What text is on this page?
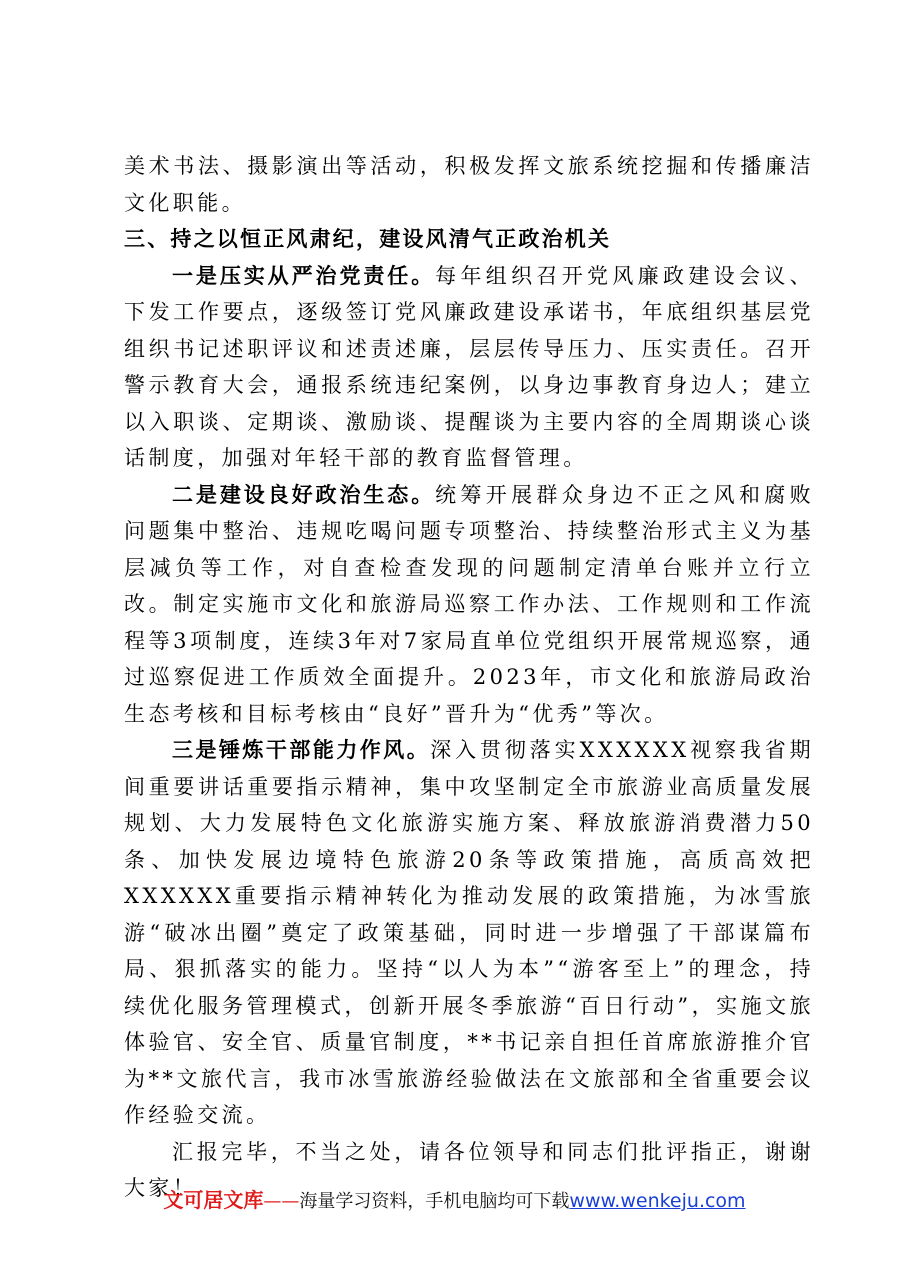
美术书法、摄影演出等活动，积极发挥文旅系统挖掘和传播廉洁文化职能。

三、持之以恒正风肃纪，建设风清气正政治机关

一是压实从严治党责任。每年组织召开党风廉政建设会议、下发工作要点，逐级签订党风廉政建设承诺书，年底组织基层党组织书记述职评议和述责述廉，层层传导压力、压实责任。召开警示教育大会，通报系统违纪案例，以身边事教育身边人；建立以入职谈、定期谈、激励谈、提醒谈为主要内容的全周期谈心谈话制度，加强对年轻干部的教育监督管理。

二是建设良好政治生态。统筹开展群众身边不正之风和腐败问题集中整治、违规吃喝问题专项整治、持续整治形式主义为基层减负等工作，对自查检查发现的问题制定清单台账并立行立改。制定实施市文化和旅游局巡察工作办法、工作规则和工作流程等3项制度，连续3年对7家局直单位党组织开展常规巡察，通过巡察促进工作质效全面提升。2023年，市文化和旅游局政治生态考核和目标考核由“良好”晋升为“优秀”等次。

三是锤炼干部能力作风。深入贯彻落实XXXXXX视察我省期间重要讲话重要指示精神，集中攻坚制定全市旅游业高质量发展规划、大力发展特色文化旅游实施方案、释放旅游消费潜力50条、加快发展边境特色旅游20条等政策措施，高质高效把XXXXXX重要指示精神转化为推动发展的政策措施，为冰雪旅游“破冰出圈”奠定了政策基础，同时进一步增强了干部谋篇布局、狠抓落实的能力。坚持“以人为本”“游客至上”的理念，持续优化服务管理模式，创新开展冬季旅游“百日行动”，实施文旅体验官、安全官、质量官制度，**书记亲自担任首席旅游推介官为**文旅代言，我市冰雪旅游经验做法在文旅部和全省重要会议作经验交流。

汇报完毕，不当之处，请各位领导和同志们批评指正，谢谢大家！

文可居文库——海量学习资料，手机电脑均可下载www.wenkeju.com
